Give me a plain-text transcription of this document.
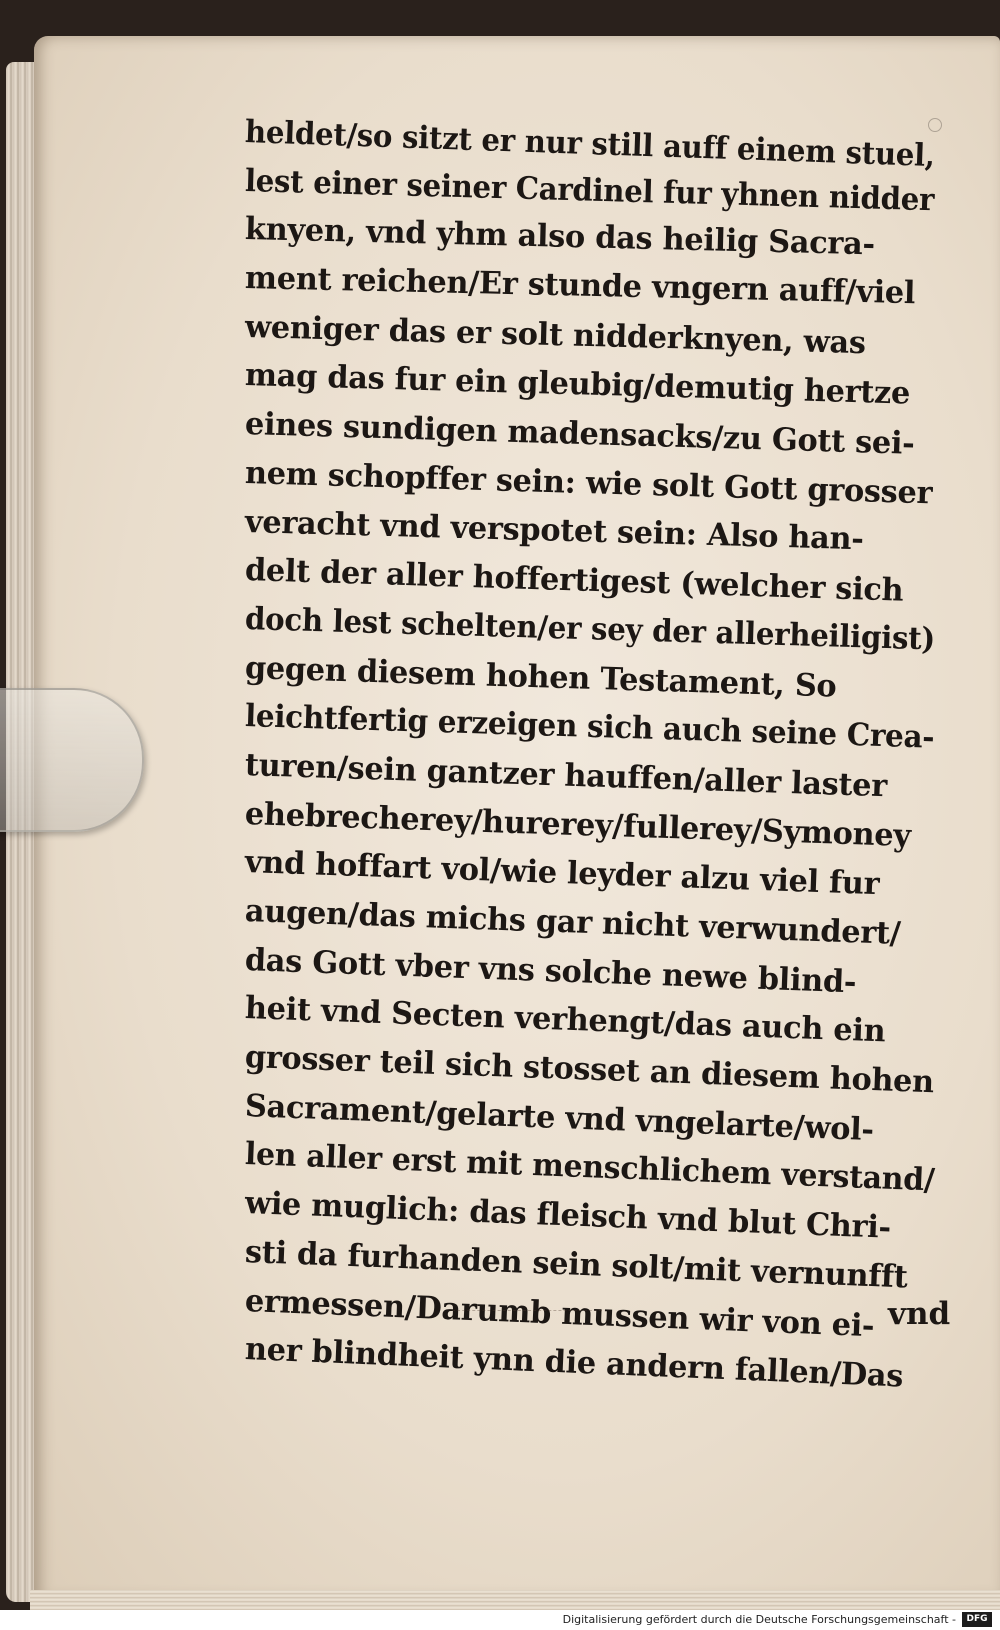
heldet/so sitzt er nur still auff einem stuel,
lest einer seiner Cardinel fur yhnen nidder
knyen, vnd yhm also das heilig Sacra-
ment reichen/Er stunde vngern auff/viel
weniger das er solt nidderknyen, was
mag das fur ein gleubig/demutig hertze
eines sundigen madensacks/zu Gott sei-
nem schopffer sein: wie solt Gott grosser
veracht vnd verspotet sein: Also han-
delt der aller hoffertigest (welcher sich
doch lest schelten/er sey der allerheiligist)
gegen diesem hohen Testament, So
leichtfertig erzeigen sich auch seine Crea-
turen/sein gantzer hauffen/aller laster
ehebrecherey/hurerey/fullerey/Symoney
vnd hoffart vol/wie leyder alzu viel fur
augen/das michs gar nicht verwundert/
das Gott vber vns solche newe blind-
heit vnd Secten verhengt/das auch ein
grosser teil sich stosset an diesem hohen
Sacrament/gelarte vnd vngelarte/wol-
len aller erst mit menschlichem verstand/
wie muglich: das fleisch vnd blut Chri-
sti da furhanden sein solt/mit vernunfft
ermessen/Darumb mussen wir von ei-
ner blindheit ynn die andern fallen/Das
vnd
Digitalisierung gefördert durch die Deutsche Forschungsgemeinschaft -	DFG
